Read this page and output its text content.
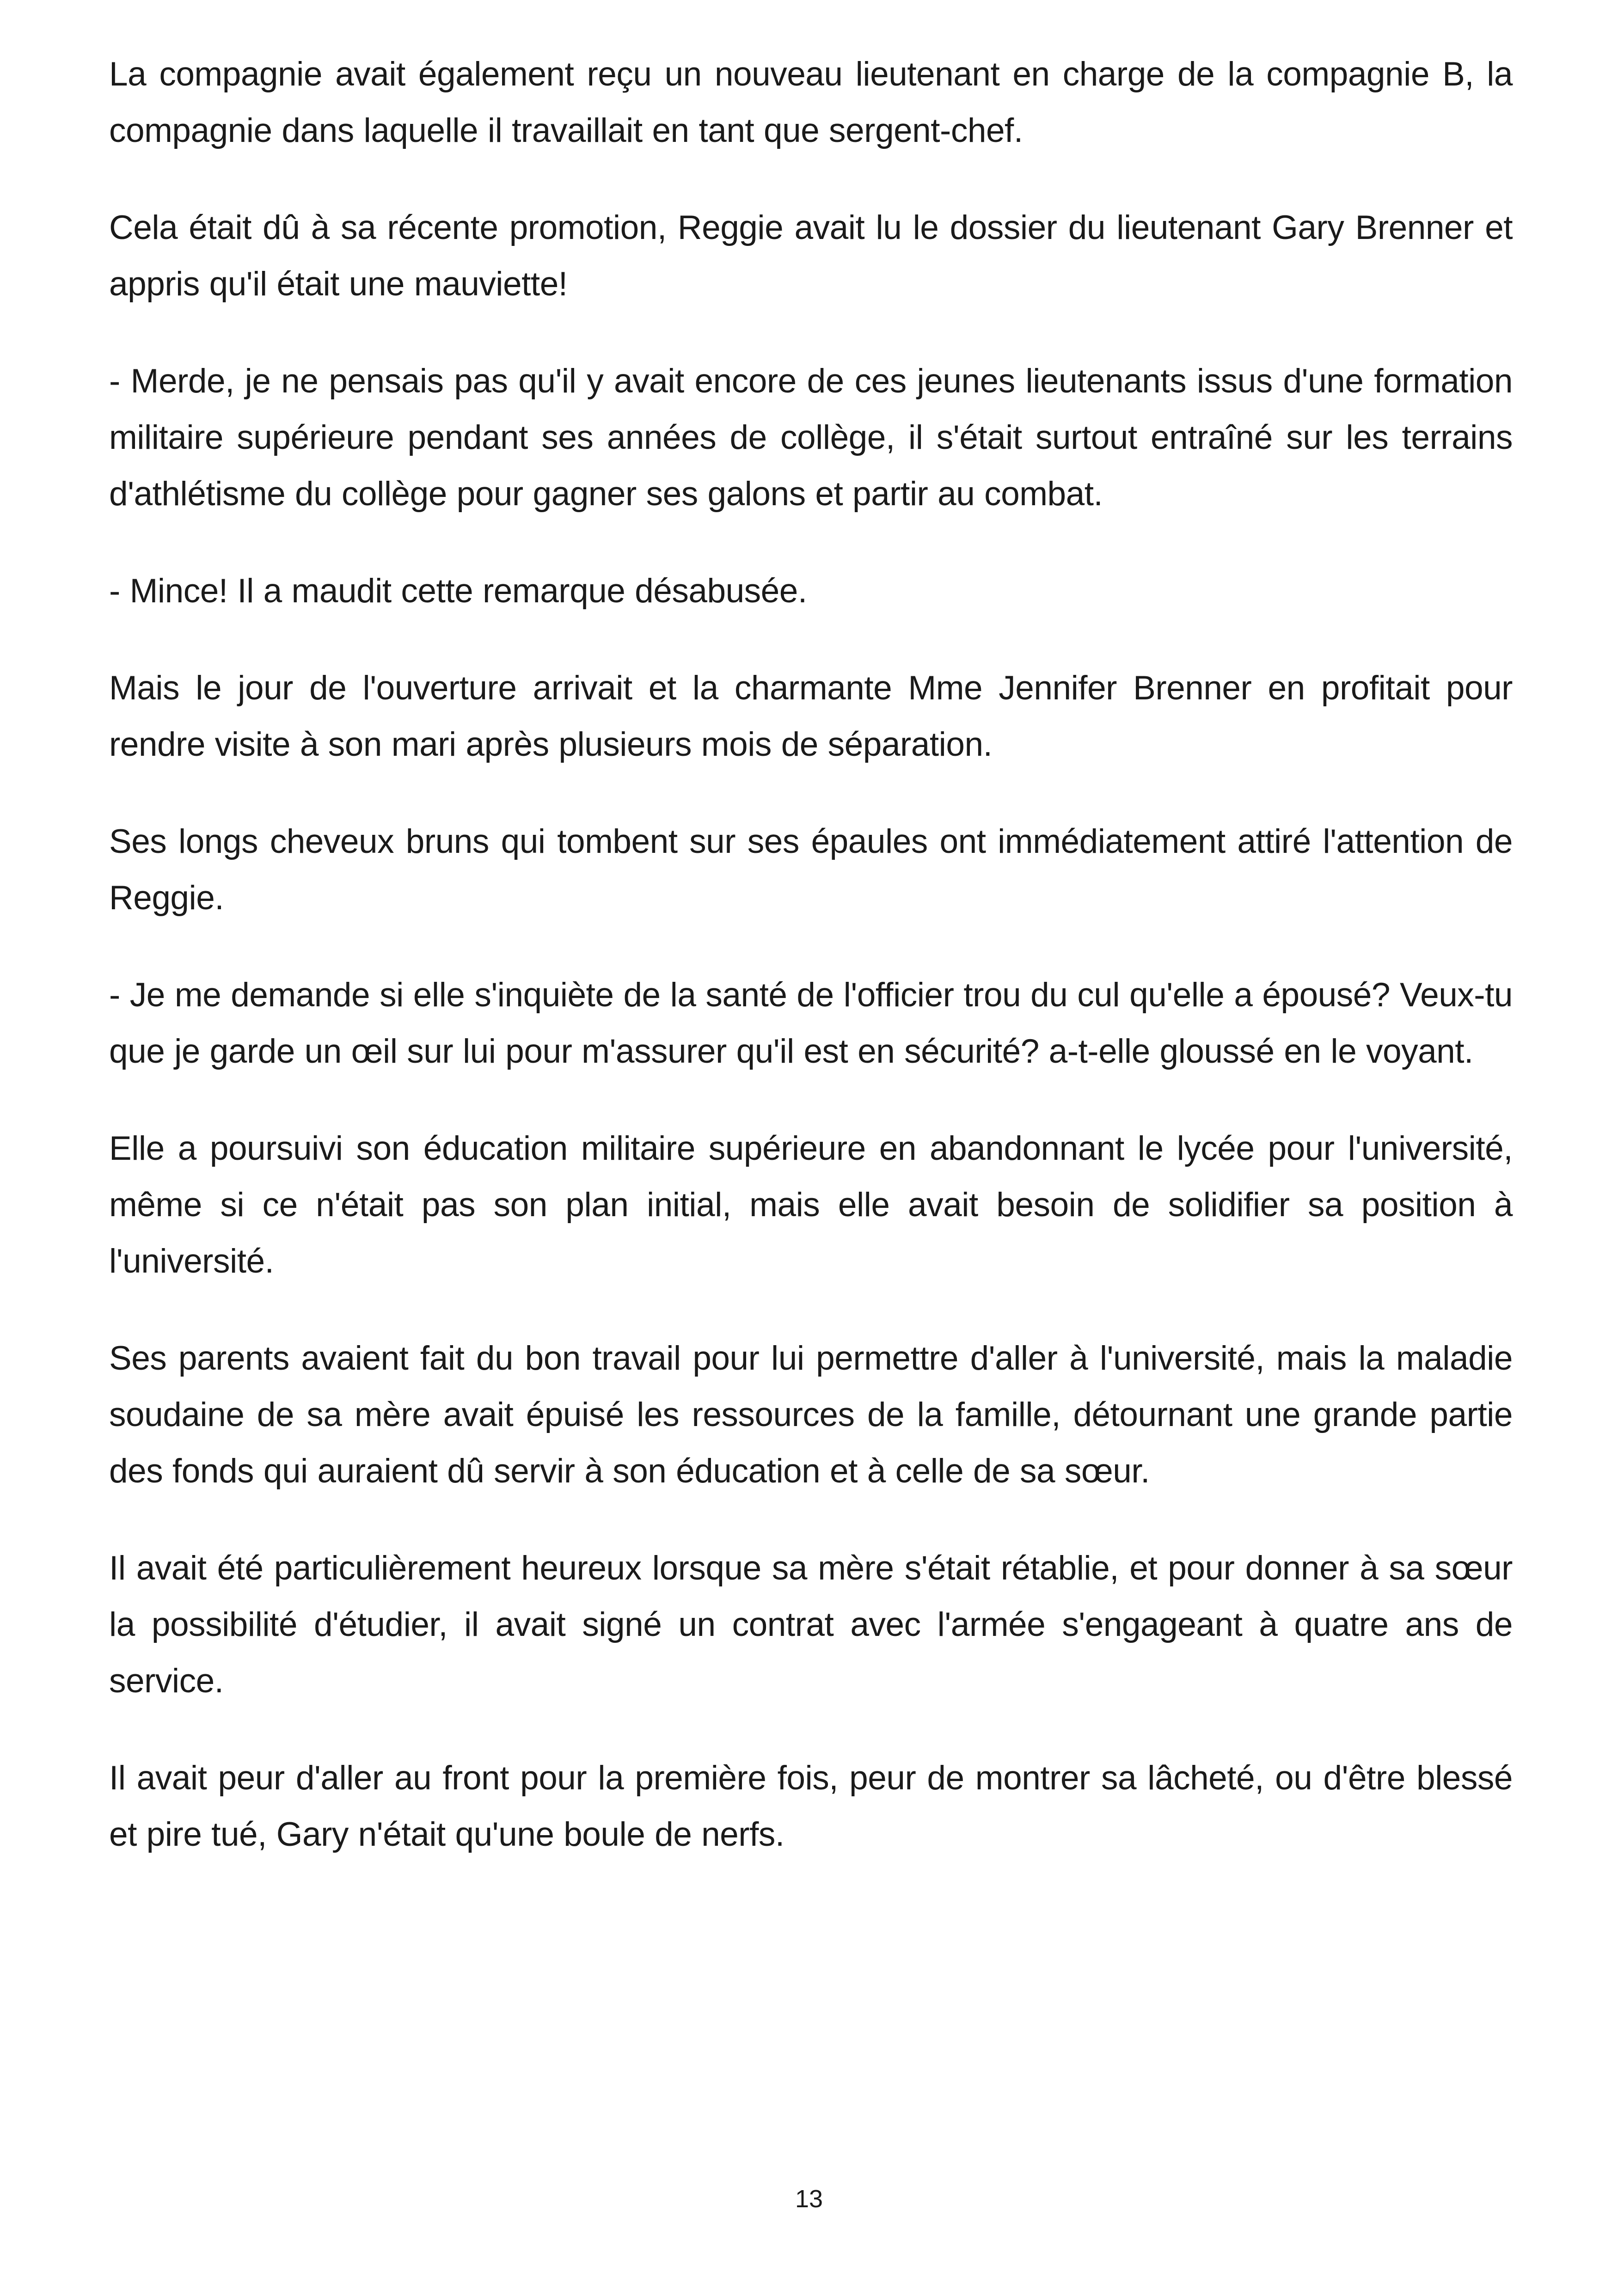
La compagnie avait également reçu un nouveau lieutenant en charge de la compagnie B, la compagnie dans laquelle il travaillait en tant que sergent-chef.

Cela était dû à sa récente promotion, Reggie avait lu le dossier du lieutenant Gary Brenner et appris qu'il était une mauviette!

- Merde, je ne pensais pas qu'il y avait encore de ces jeunes lieutenants issus d'une formation militaire supérieure pendant ses années de collège, il s'était surtout entraîné sur les terrains d'athlétisme du collège pour gagner ses galons et partir au combat.

- Mince! Il a maudit cette remarque désabusée.

Mais le jour de l'ouverture arrivait et la charmante Mme Jennifer Brenner en profitait pour rendre visite à son mari après plusieurs mois de séparation.

Ses longs cheveux bruns qui tombent sur ses épaules ont immédiatement attiré l'attention de Reggie.

- Je me demande si elle s'inquiète de la santé de l'officier trou du cul qu'elle a épousé? Veux-tu que je garde un œil sur lui pour m'assurer qu'il est en sécurité? a-t-elle gloussé en le voyant.

Elle a poursuivi son éducation militaire supérieure en abandonnant le lycée pour l'université, même si ce n'était pas son plan initial, mais elle avait besoin de solidifier sa position à l'université.

Ses parents avaient fait du bon travail pour lui permettre d'aller à l'université, mais la maladie soudaine de sa mère avait épuisé les ressources de la famille, détournant une grande partie des fonds qui auraient dû servir à son éducation et à celle de sa sœur.

Il avait été particulièrement heureux lorsque sa mère s'était rétablie, et pour donner à sa sœur la possibilité d'étudier, il avait signé un contrat avec l'armée s'engageant à quatre ans de service.

Il avait peur d'aller au front pour la première fois, peur de montrer sa lâcheté, ou d'être blessé et pire tué, Gary n'était qu'une boule de nerfs.

13
